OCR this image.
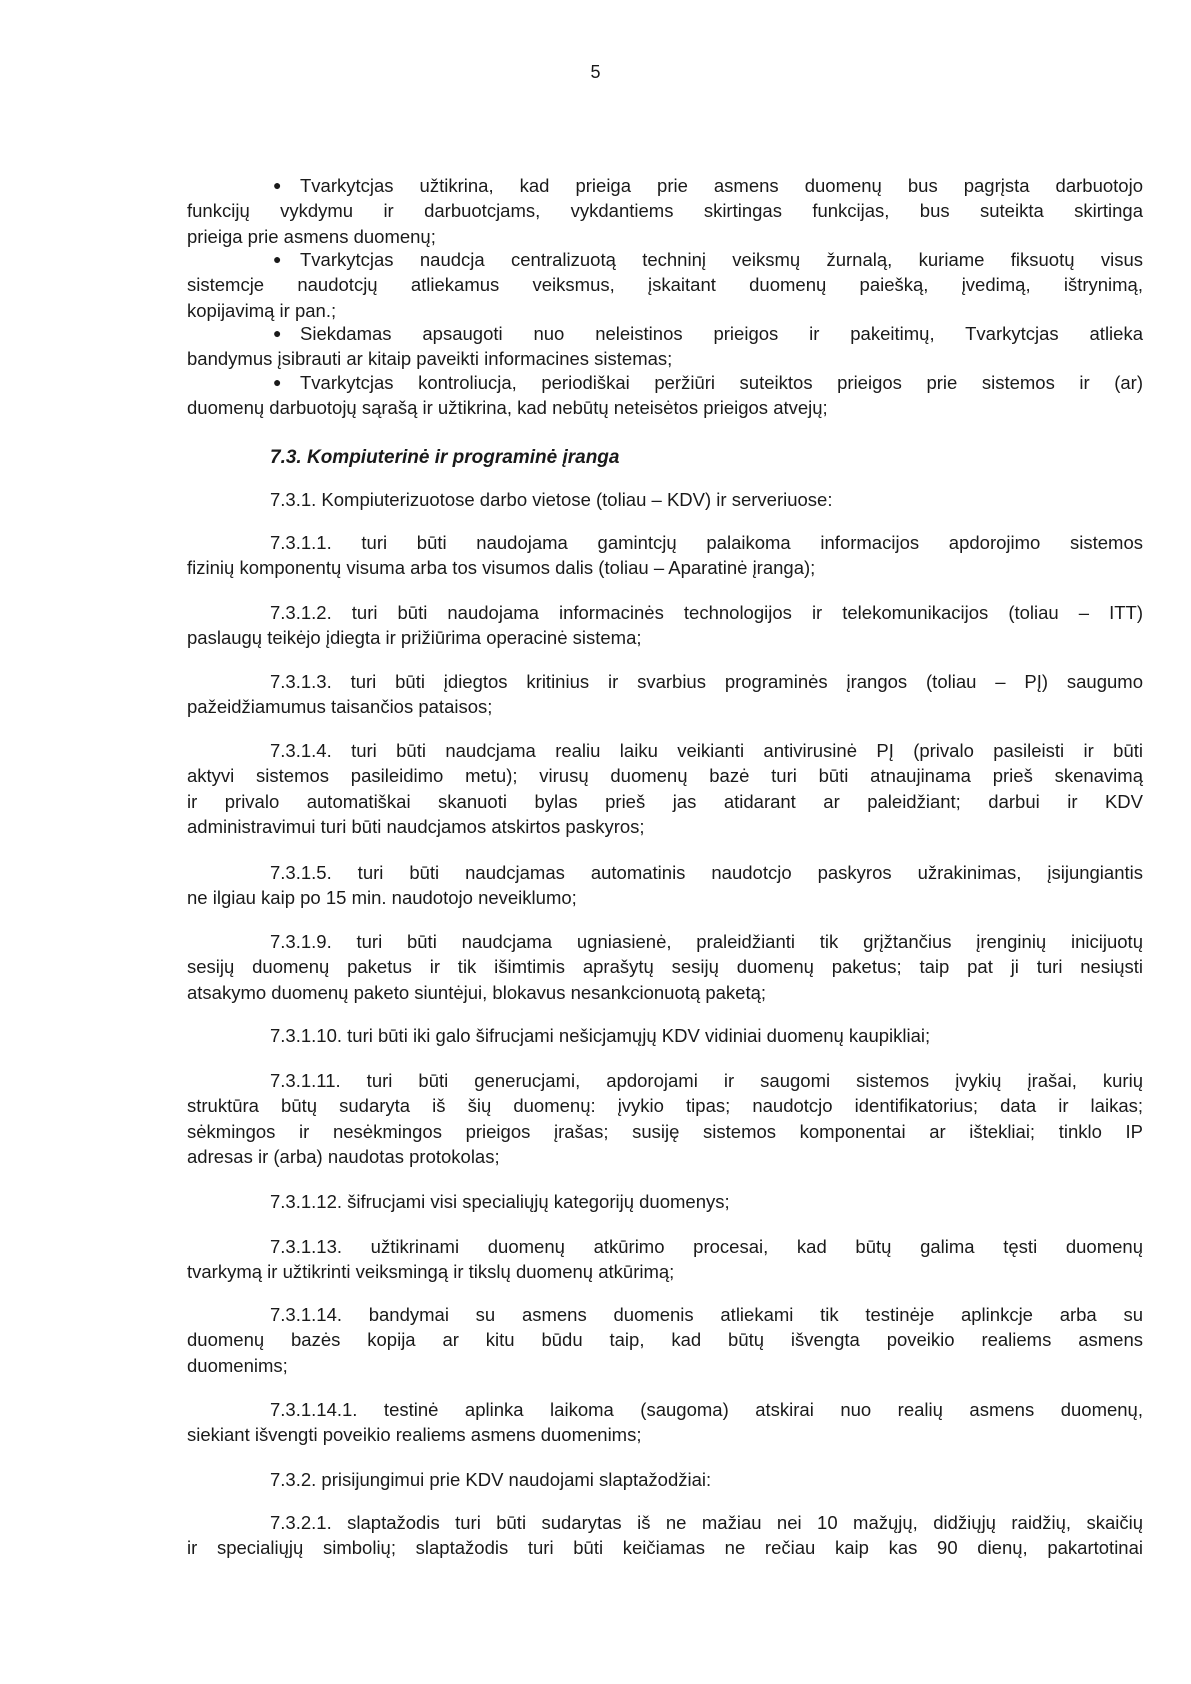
5
● Tvarkytcjas užtikrina, kad prieiga prie asmens duomenų bus pagrįsta darbuotojo
funkcijų vykdymu ir darbuotcjams, vykdantiems skirtingas funkcijas, bus suteikta skirtinga
prieiga prie asmens duomenų;
● Tvarkytcjas naudcja centralizuotą techninį veiksmų žurnalą, kuriame fiksuotų visus
sistemcje naudotcjų atliekamus veiksmus, įskaitant duomenų paiešką, įvedimą, ištrynimą,
kopijavimą ir pan.;
● Siekdamas apsaugoti nuo neleistinos prieigos ir pakeitimų, Tvarkytcjas atlieka
bandymus įsibrauti ar kitaip paveikti informacines sistemas;
● Tvarkytcjas kontroliucja, periodiškai peržiūri suteiktos prieigos prie sistemos ir (ar)
duomenų darbuotojų sąrašą ir užtikrina, kad nebūtų neteisėtos prieigos atvejų;
7.3. Kompiuterinė ir programinė įranga
7.3.1. Kompiuterizuotose darbo vietose (toliau – KDV) ir serveriuose:
7.3.1.1. turi būti naudojama gamintcjų palaikoma informacijos apdorojimo sistemos
fizinių komponentų visuma arba tos visumos dalis (toliau – Aparatinė įranga);
7.3.1.2. turi būti naudojama informacinės technologijos ir telekomunikacijos (toliau – ITT)
paslaugų teikėjo įdiegta ir prižiūrima operacinė sistema;
7.3.1.3. turi būti įdiegtos kritinius ir svarbius programinės įrangos (toliau – PĮ) saugumo
pažeidžiamumus taisančios pataisos;
7.3.1.4. turi būti naudcjama realiu laiku veikianti antivirusinė PĮ (privalo pasileisti ir būti
aktyvi sistemos pasileidimo metu); virusų duomenų bazė turi būti atnaujinama prieš skenavimą
ir privalo automatiškai skanuoti bylas prieš jas atidarant ar paleidžiant; darbui ir KDV
administravimui turi būti naudcjamos atskirtos paskyros;
7.3.1.5. turi būti naudcjamas automatinis naudotcjo paskyros užrakinimas, įsijungiantis
ne ilgiau kaip po 15 min. naudotojo neveiklumo;
7.3.1.9. turi būti naudcjama ugniasienė, praleidžianti tik grįžtančius įrenginių inicijuotų
sesijų duomenų paketus ir tik išimtimis aprašytų sesijų duomenų paketus; taip pat ji turi nesiųsti
atsakymo duomenų paketo siuntėjui, blokavus nesankcionuotą paketą;
7.3.1.10. turi būti iki galo šifrucjami nešicjamųjų KDV vidiniai duomenų kaupikliai;
7.3.1.11. turi būti generucjami, apdorojami ir saugomi sistemos įvykių įrašai, kurių
struktūra būtų sudaryta iš šių duomenų: įvykio tipas; naudotcjo identifikatorius; data ir laikas;
sėkmingos ir nesėkmingos prieigos įrašas; susiję sistemos komponentai ar ištekliai; tinklo IP
adresas ir (arba) naudotas protokolas;
7.3.1.12. šifrucjami visi specialiųjų kategorijų duomenys;
7.3.1.13. užtikrinami duomenų atkūrimo procesai, kad būtų galima tęsti duomenų
tvarkymą ir užtikrinti veiksmingą ir tikslų duomenų atkūrimą;
7.3.1.14. bandymai su asmens duomenis atliekami tik testinėje aplinkcje arba su
duomenų bazės kopija ar kitu būdu taip, kad būtų išvengta poveikio realiems asmens
duomenims;
7.3.1.14.1. testinė aplinka laikoma (saugoma) atskirai nuo realių asmens duomenų,
siekiant išvengti poveikio realiems asmens duomenims;
7.3.2. prisijungimui prie KDV naudojami slaptažodžiai:
7.3.2.1. slaptažodis turi būti sudarytas iš ne mažiau nei 10 mažųjų, didžiųjų raidžių, skaičių
ir specialiųjų simbolių; slaptažodis turi būti keičiamas ne rečiau kaip kas 90 dienų, pakartotinai
